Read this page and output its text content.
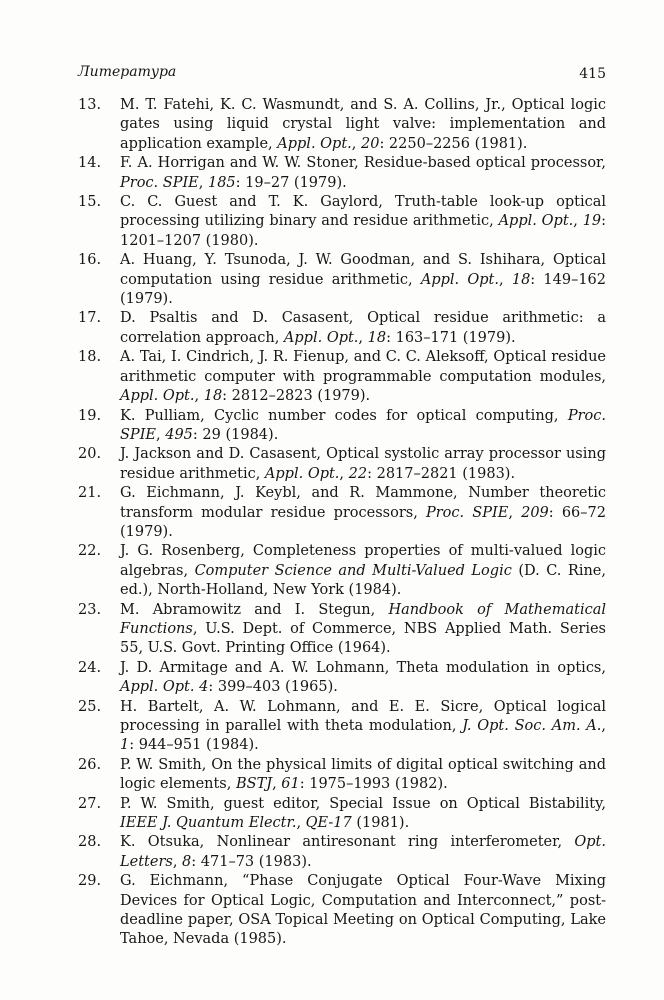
Литература	415
13. M. T. Fatehi, K. C. Wasmundt, and S. A. Collins, Jr., Optical logic gates using liquid crystal light valve: implementation and application example, Appl. Opt., 20: 2250–2256 (1981).
14. F. A. Horrigan and W. W. Stoner, Residue-based optical processor, Proc. SPIE, 185: 19–27 (1979).
15. C. C. Guest and T. K. Gaylord, Truth-table look-up optical processing utilizing binary and residue arithmetic, Appl. Opt., 19: 1201–1207 (1980).
16. A. Huang, Y. Tsunoda, J. W. Goodman, and S. Ishihara, Optical computation using residue arithmetic, Appl. Opt., 18: 149–162 (1979).
17. D. Psaltis and D. Casasent, Optical residue arithmetic: a correlation approach, Appl. Opt., 18: 163–171 (1979).
18. A. Tai, I. Cindrich, J. R. Fienup, and C. C. Aleksoff, Optical residue arithmetic computer with programmable computation modules, Appl. Opt., 18: 2812–2823 (1979).
19. K. Pulliam, Cyclic number codes for optical computing, Proc. SPIE, 495: 29 (1984).
20. J. Jackson and D. Casasent, Optical systolic array processor using residue arithmetic, Appl. Opt., 22: 2817–2821 (1983).
21. G. Eichmann, J. Keybl, and R. Mammone, Number theoretic transform modular residue processors, Proc. SPIE, 209: 66–72 (1979).
22. J. G. Rosenberg, Completeness properties of multi-valued logic algebras, Computer Science and Multi-Valued Logic (D. C. Rine, ed.), North-Holland, New York (1984).
23. M. Abramowitz and I. Stegun, Handbook of Mathematical Functions, U.S. Dept. of Commerce, NBS Applied Math. Series 55, U.S. Govt. Printing Office (1964).
24. J. D. Armitage and A. W. Lohmann, Theta modulation in optics, Appl. Opt. 4: 399–403 (1965).
25. H. Bartelt, A. W. Lohmann, and E. E. Sicre, Optical logical processing in parallel with theta modulation, J. Opt. Soc. Am. A., 1: 944–951 (1984).
26. P. W. Smith, On the physical limits of digital optical switching and logic elements, BSTJ, 61: 1975–1993 (1982).
27. P. W. Smith, guest editor, Special Issue on Optical Bistability, IEEE J. Quantum Electr., QE-17 (1981).
28. K. Otsuka, Nonlinear antiresonant ring interferometer, Opt. Letters, 8: 471–73 (1983).
29. G. Eichmann, “Phase Conjugate Optical Four-Wave Mixing Devices for Optical Logic, Computation and Interconnect,” post-deadline paper, OSA Topical Meeting on Optical Computing, Lake Tahoe, Nevada (1985).
